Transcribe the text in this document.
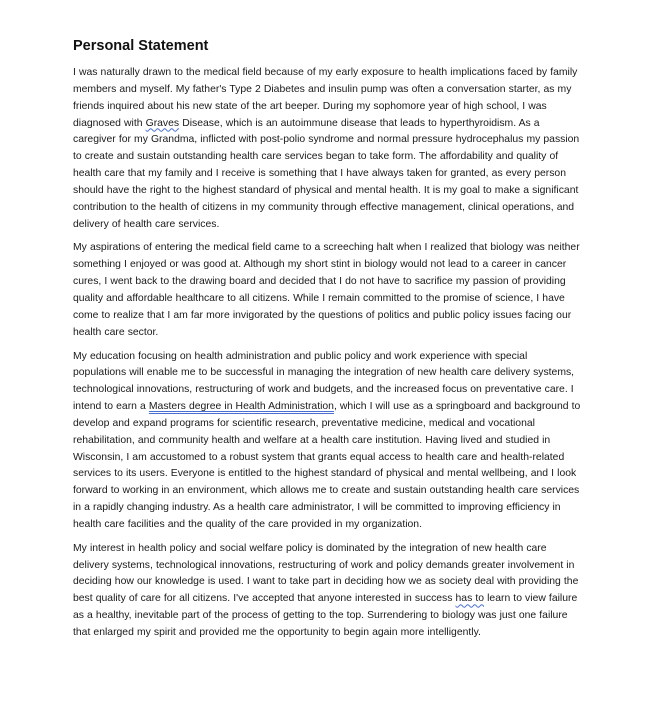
Personal Statement

I was naturally drawn to the medical field because of my early exposure to health implications faced by family members and myself. My father's Type 2 Diabetes and insulin pump was often a conversation starter, as my friends inquired about his new state of the art beeper. During my sophomore year of high school, I was diagnosed with Graves Disease, which is an autoimmune disease that leads to hyperthyroidism. As a caregiver for my Grandma, inflicted with post-polio syndrome and normal pressure hydrocephalus my passion to create and sustain outstanding health care services began to take form. The affordability and quality of health care that my family and I receive is something that I have always taken for granted, as every person should have the right to the highest standard of physical and mental health. It is my goal to make a significant contribution to the health of citizens in my community through effective management, clinical operations, and delivery of health care services.

My aspirations of entering the medical field came to a screeching halt when I realized that biology was neither something I enjoyed or was good at. Although my short stint in biology would not lead to a career in cancer cures, I went back to the drawing board and decided that I do not have to sacrifice my passion of providing quality and affordable healthcare to all citizens. While I remain committed to the promise of science, I have come to realize that I am far more invigorated by the questions of politics and public policy issues facing our health care sector.

My education focusing on health administration and public policy and work experience with special populations will enable me to be successful in managing the integration of new health care delivery systems, technological innovations, restructuring of work and budgets, and the increased focus on preventative care. I intend to earn a Masters degree in Health Administration, which I will use as a springboard and background to develop and expand programs for scientific research, preventative medicine, medical and vocational rehabilitation, and community health and welfare at a health care institution. Having lived and studied in Wisconsin, I am accustomed to a robust system that grants equal access to health care and health-related services to its users. Everyone is entitled to the highest standard of physical and mental wellbeing, and I look forward to working in an environment, which allows me to create and sustain outstanding health care services in a rapidly changing industry. As a health care administrator, I will be committed to improving efficiency in health care facilities and the quality of the care provided in my organization.

My interest in health policy and social welfare policy is dominated by the integration of new health care delivery systems, technological innovations, restructuring of work and policy demands greater involvement in deciding how our knowledge is used. I want to take part in deciding how we as society deal with providing the best quality of care for all citizens. I've accepted that anyone interested in success has to learn to view failure as a healthy, inevitable part of the process of getting to the top. Surrendering to biology was just one failure that enlarged my spirit and provided me the opportunity to begin again more intelligently.
